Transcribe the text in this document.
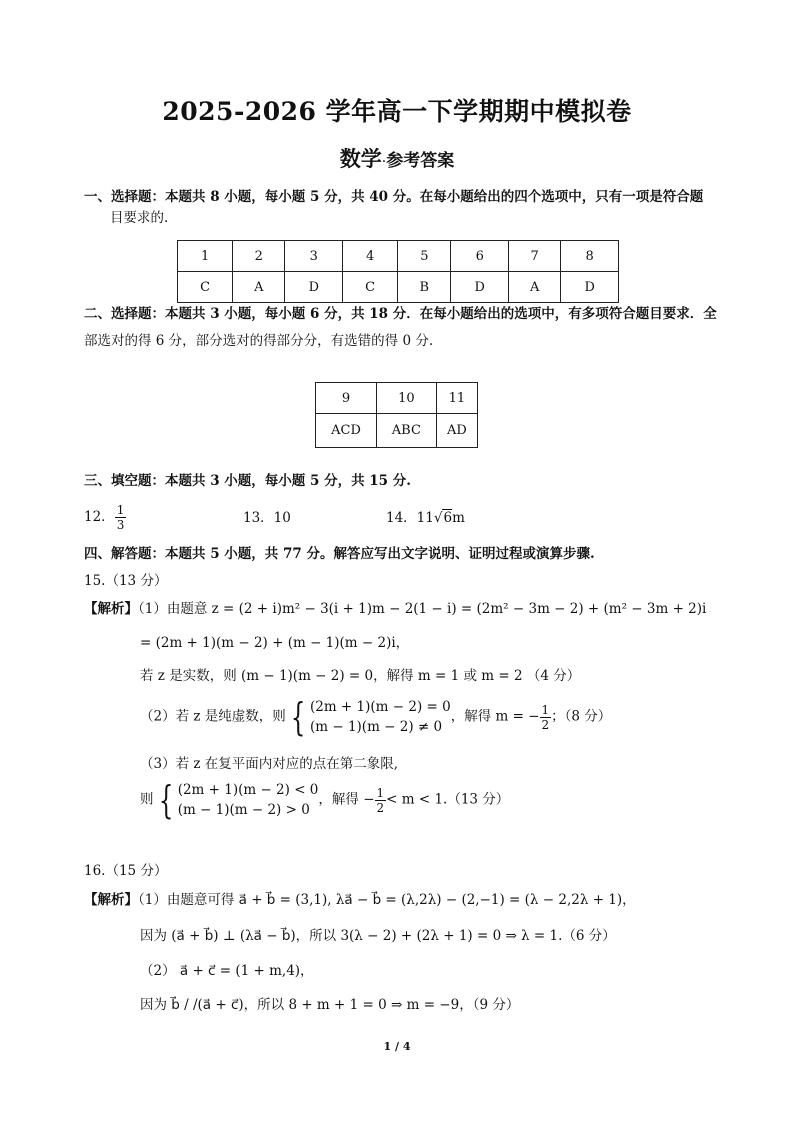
2025-2026 学年高一下学期期中模拟卷
数学·参考答案
一、选择题：本题共 8 小题，每小题 5 分，共 40 分。在每小题给出的四个选项中，只有一项是符合题
目要求的.
1	2	3	4	5	6	7	8
C	A	D	C	B	D	A	D
二、选择题：本题共 3 小题，每小题 6 分，共 18 分．在每小题给出的选项中，有多项符合题目要求．全
部选对的得 6 分，部分选对的得部分分，有选错的得 0 分.
9	10	11
ACD	ABC	AD
三、填空题：本题共 3 小题，每小题 5 分，共 15 分.
12． $\frac{1}{3}$	13．10	14．11√6m
四、解答题：本题共 5 小题，共 77 分。解答应写出文字说明、证明过程或演算步骤.
15.（13 分）
【解析】（1）由题意 z = (2 + i)m² − 3(i + 1)m − 2(1 − i) = (2m² − 3m − 2) + (m² − 3m + 2)i
= (2m + 1)(m − 2) + (m − 1)(m − 2)i，
若 z 是实数，则 (m − 1)(m − 2) = 0，解得 m = 1 或 m = 2 （4 分）
（2）若 z 是纯虚数，则 { (2m + 1)(m − 2) = 0
(m − 1)(m − 2) ≠ 0
，解得 m = − $\frac{1}{2}$ ；（8 分）
（3）若 z 在复平面内对应的点在第二象限,
则 { (2m + 1)(m − 2) < 0
(m − 1)(m − 2) > 0
，解得 − $\frac{1}{2} < m < 1.(13$ 分）
16.（15 分）
【解析】（1）由题意可得 a⃗ + b⃗ = (3,1), λa⃗ − b⃗ = (λ,2λ) − (2,−1) = (λ − 2,2λ + 1)，
因为 (a⃗ + b⃗) ⊥ (λa⃗ − b⃗)，所以 3(λ − 2) + (2λ + 1) = 0 ⇒ λ = 1.（6 分）
（2） a⃗ + c⃗ = (1 + m,4)，
因为 b⃗ / /(a⃗ + c⃗)，所以 8 + m + 1 = 0 ⇒ m = −9，（9 分）
1 / 4
